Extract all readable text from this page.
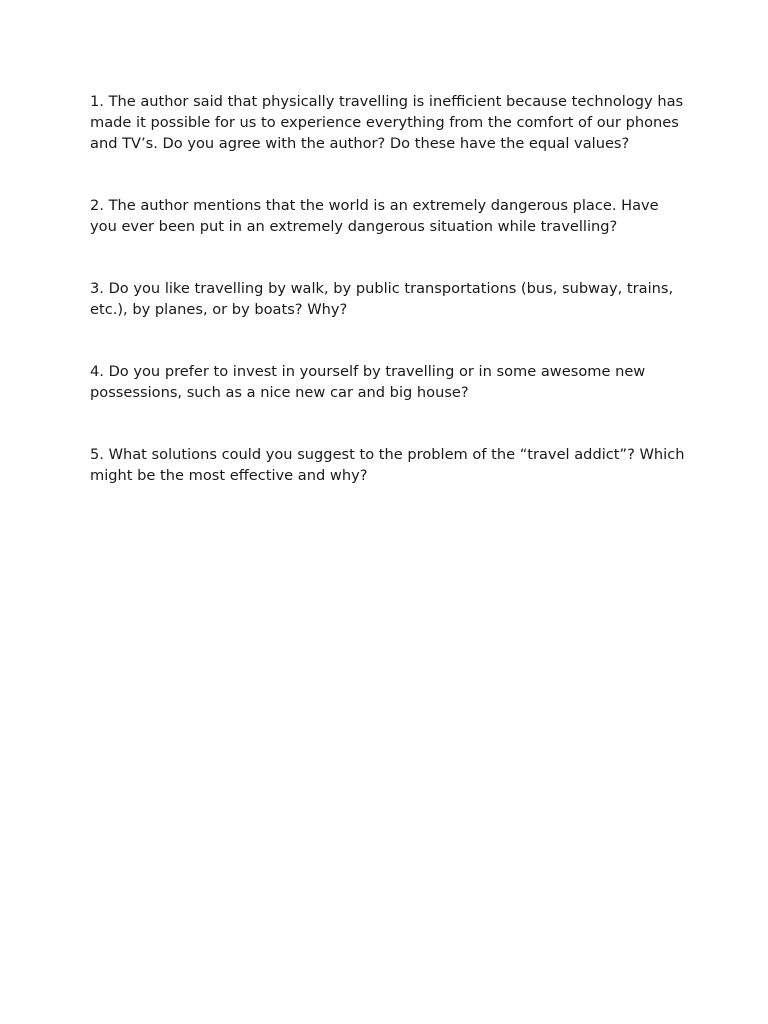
1. The author said that physically travelling is inefficient because technology has made it possible for us to experience everything from the comfort of our phones and TV’s. Do you agree with the author? Do these have the equal values?
2. The author mentions that the world is an extremely dangerous place. Have you ever been put in an extremely dangerous situation while travelling?
3. Do you like travelling by walk, by public transportations (bus, subway, trains, etc.), by planes, or by boats? Why?
4. Do you prefer to invest in yourself by travelling or in some awesome new possessions, such as a nice new car and big house?
5. What solutions could you suggest to the problem of the “travel addict”? Which might be the most effective and why?
